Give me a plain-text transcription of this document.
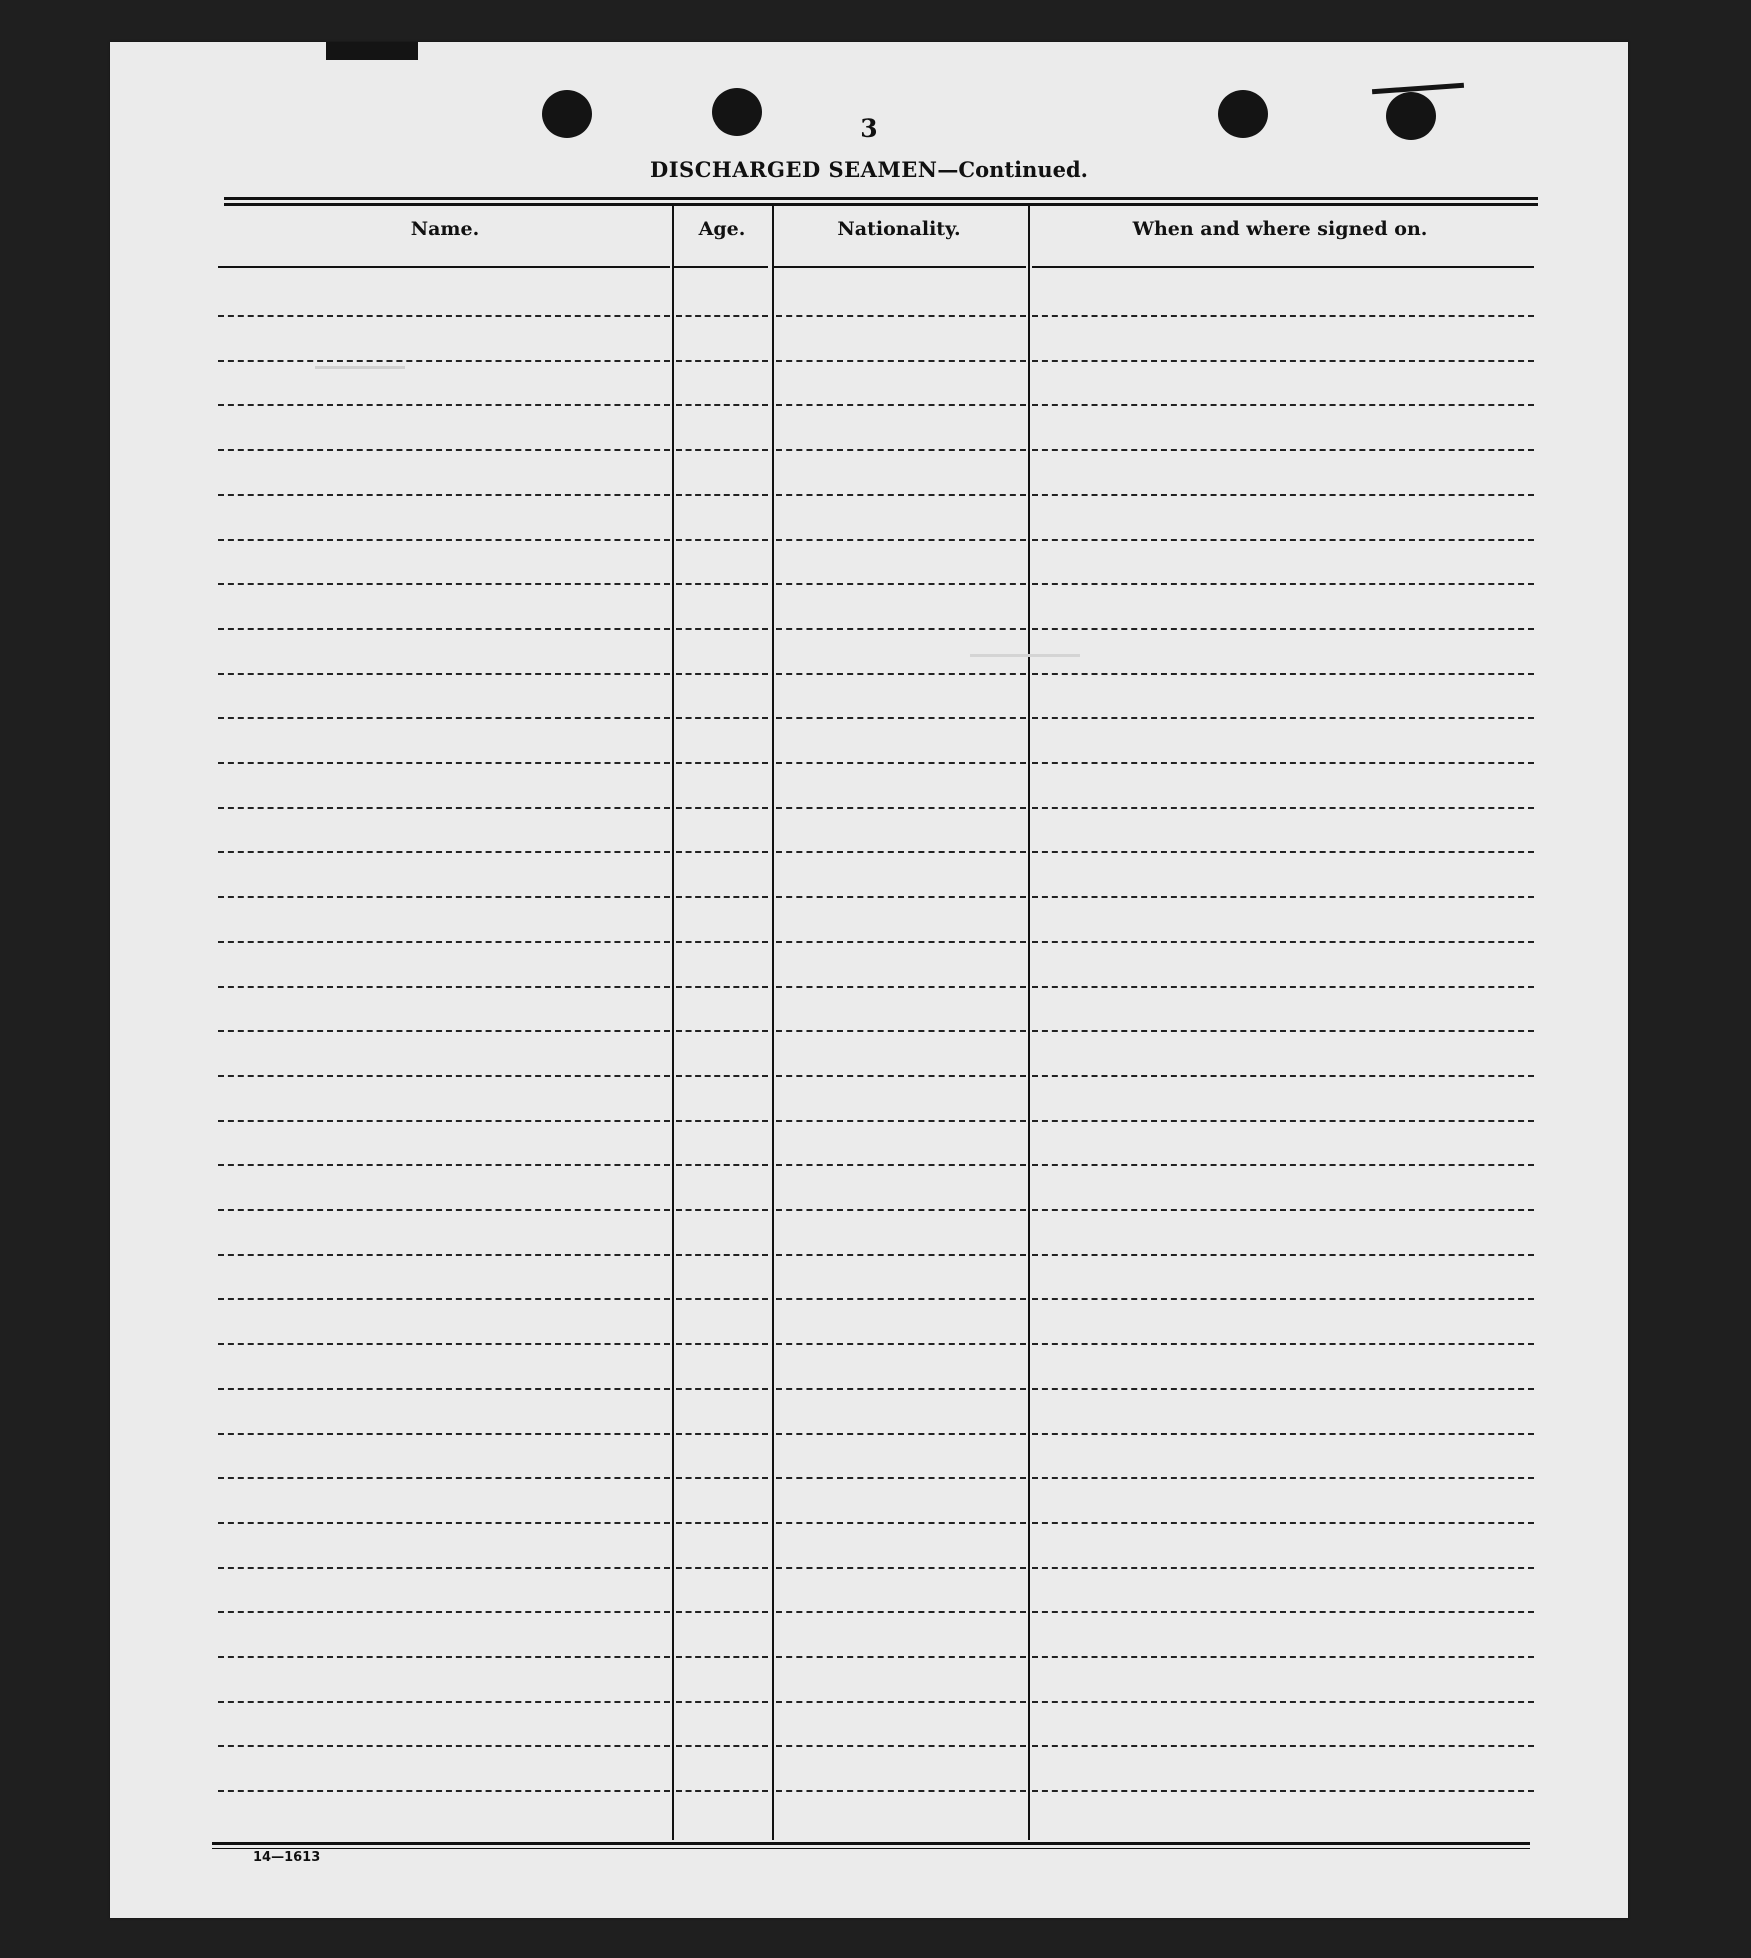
3
DISCHARGED SEAMEN—Continued.
Name.	Age.	Nationality.	When and where signed on.
14—1613
